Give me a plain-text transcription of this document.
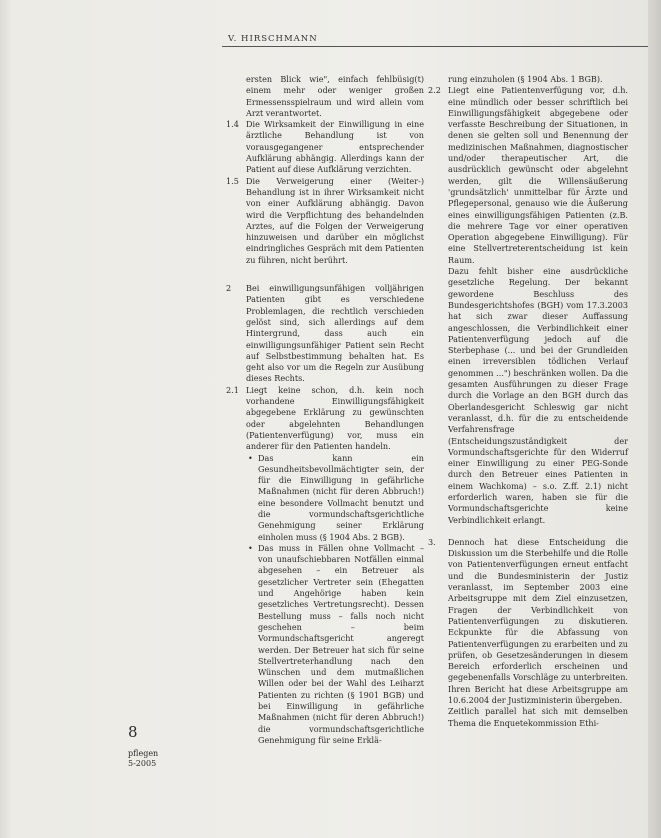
V. HIRSCHMANN
ersten Blick wie", einfach fehlbüsig(t) einem mehr oder weniger großen Ermessensspielraum und wird allein vom Arzt verantwortet.
1.4 Die Wirksamkeit der Einwilligung in eine ärztliche Behandlung ist von vorausgegangener entsprechender Aufklärung abhängig. Allerdings kann der Patient auf diese Aufklärung verzichten.
1.5 Die Verweigerung einer (Weiter-) Behandlung ist in ihrer Wirksamkeit nicht von einer Aufklärung abhängig. Davon wird die Verpflichtung des behandelnden Arztes, auf die Folgen der Verweigerung hinzuweisen und darüber ein möglichst eindringliches Gespräch mit dem Patienten zu führen, nicht berührt.
2	Bei einwilligungsunfähigen volljährigen Patienten gibt es verschiedene Problemlagen, die rechtlich verschieden gelöst sind, sich allerdings auf dem Hintergrund, dass auch ein einwilligungsunfähiger Patient sein Recht auf Selbstbestimmung behalten hat. Es geht also vor um die Regeln zur Ausübung dieses Rechts.
2.1 Liegt keine schon, d.h. kein noch vorhandene Einwilligungsfähigkeit abgegebene Erklärung zu gewünschten oder abgelehnten Behandlungen (Patientenverfügung) vor, muss ein anderer für den Patienten handeln.

• Das kann ein Gesundheitsbevollmächtigter sein, der für die Einwilligung in gefährliche Maßnahmen (nicht für deren Abbruch!) eine besondere Vollmacht benutzt und die vormundschaftsgerichtliche Genehmigung seiner Erklärung einholen muss (§ 1904 Abs. 2 BGB).
• Das muss in Fällen ohne Vollmacht – von unaufschiebbaren Notfällen einmal abgesehen – ein Betreuer als gesetzlicher Vertreter sein (Ehegatten und Angehörige haben kein gesetzliches Vertretungsrecht). Dessen Bestellung muss – falls noch nicht geschehen – beim Vormundschaftsgericht angeregt werden. Der Betreuer hat sich für seine Stellvertreterhandlung nach den Wünschen und dem mutmaßlichen Willen oder bei der Wahl des Leiharzt Patienten zu richten (§ 1901 BGB) und bei Einwilligung in gefährliche Maßnahmen (nicht für deren Abbruch!) die vormundschaftsgerichtliche Genehmigung für seine Erklä-
rung einzuholen (§ 1904 Abs. 1 BGB).
2.2 Liegt eine Patientenverfügung vor, d.h. eine mündlich oder besser schriftlich bei Einwilligungsfähigkeit abgegebene oder verfasste Beschreibung der Situationen, in denen sie gelten soll und Benennung der medizinischen Maßnahmen, diagnostischer und/oder therapeutischer Art, die ausdrücklich gewünscht oder abgelehnt werden, gilt die Willensäußerung 'grundsätzlich' unmittelbar für Ärzte und Pflegepersonal, genauso wie die Äußerung eines einwilligungsfähigen Patienten (z.B. die mehrere Tage vor einer operativen Operation abgegebene Einwilligung). Für eine Stellvertreterentscheidung ist kein Raum.
Dazu fehlt bisher eine ausdrückliche gesetzliche Regelung. Der bekannt gewordene Beschluss des Bundesgerichtshofes (BGH) vom 17.3.2003 hat sich zwar dieser Auffassung angeschlossen, die Verbindlichkeit einer Patientenverfügung jedoch auf die Sterbephase (... und bei der Grundleiden einen irreversiblen tödlichen Verlauf genommen ...") beschränken wollen. Da die gesamten Ausführungen zu dieser Frage durch die Vorlage an den BGH durch das Oberlandesgericht Schleswig gar nicht veranlasst, d.h. für die zu entscheidende Verfahrensfrage (Entscheidungszuständigkeit der Vormundschaftsgerichte für den Widerruf einer Einwilligung zu einer PEG-Sonde durch den Betreuer eines Patienten in einem Wachkoma) – s.o. Z.ff. 2.1) nicht erforderlich waren, haben sie für die Vormundschaftsgerichte keine Verbindlichkeit erlangt.
3.	Dennoch hat diese Entscheidung die Diskussion um die Sterbehilfe und die Rolle von Patientenverfügungen erneut entfacht und die Bundesministerin der Justiz veranlasst, im September 2003 eine Arbeitsgruppe mit dem Ziel einzusetzen, Fragen der Verbindlichkeit von Patientenverfügungen zu diskutieren. Eckpunkte für die Abfassung von Patientenverfügungen zu erarbeiten und zu prüfen, ob Gesetzesänderungen in diesem Bereich erforderlich erscheinen und gegebenenfalls Vorschläge zu unterbreiten. Ihren Bericht hat diese Arbeitsgruppe am 10.6.2004 der Justizministerin übergeben.
Zeitlich parallel hat sich mit demselben Thema die Enquetekommission Ethi-
8
pflegen
5-2005
